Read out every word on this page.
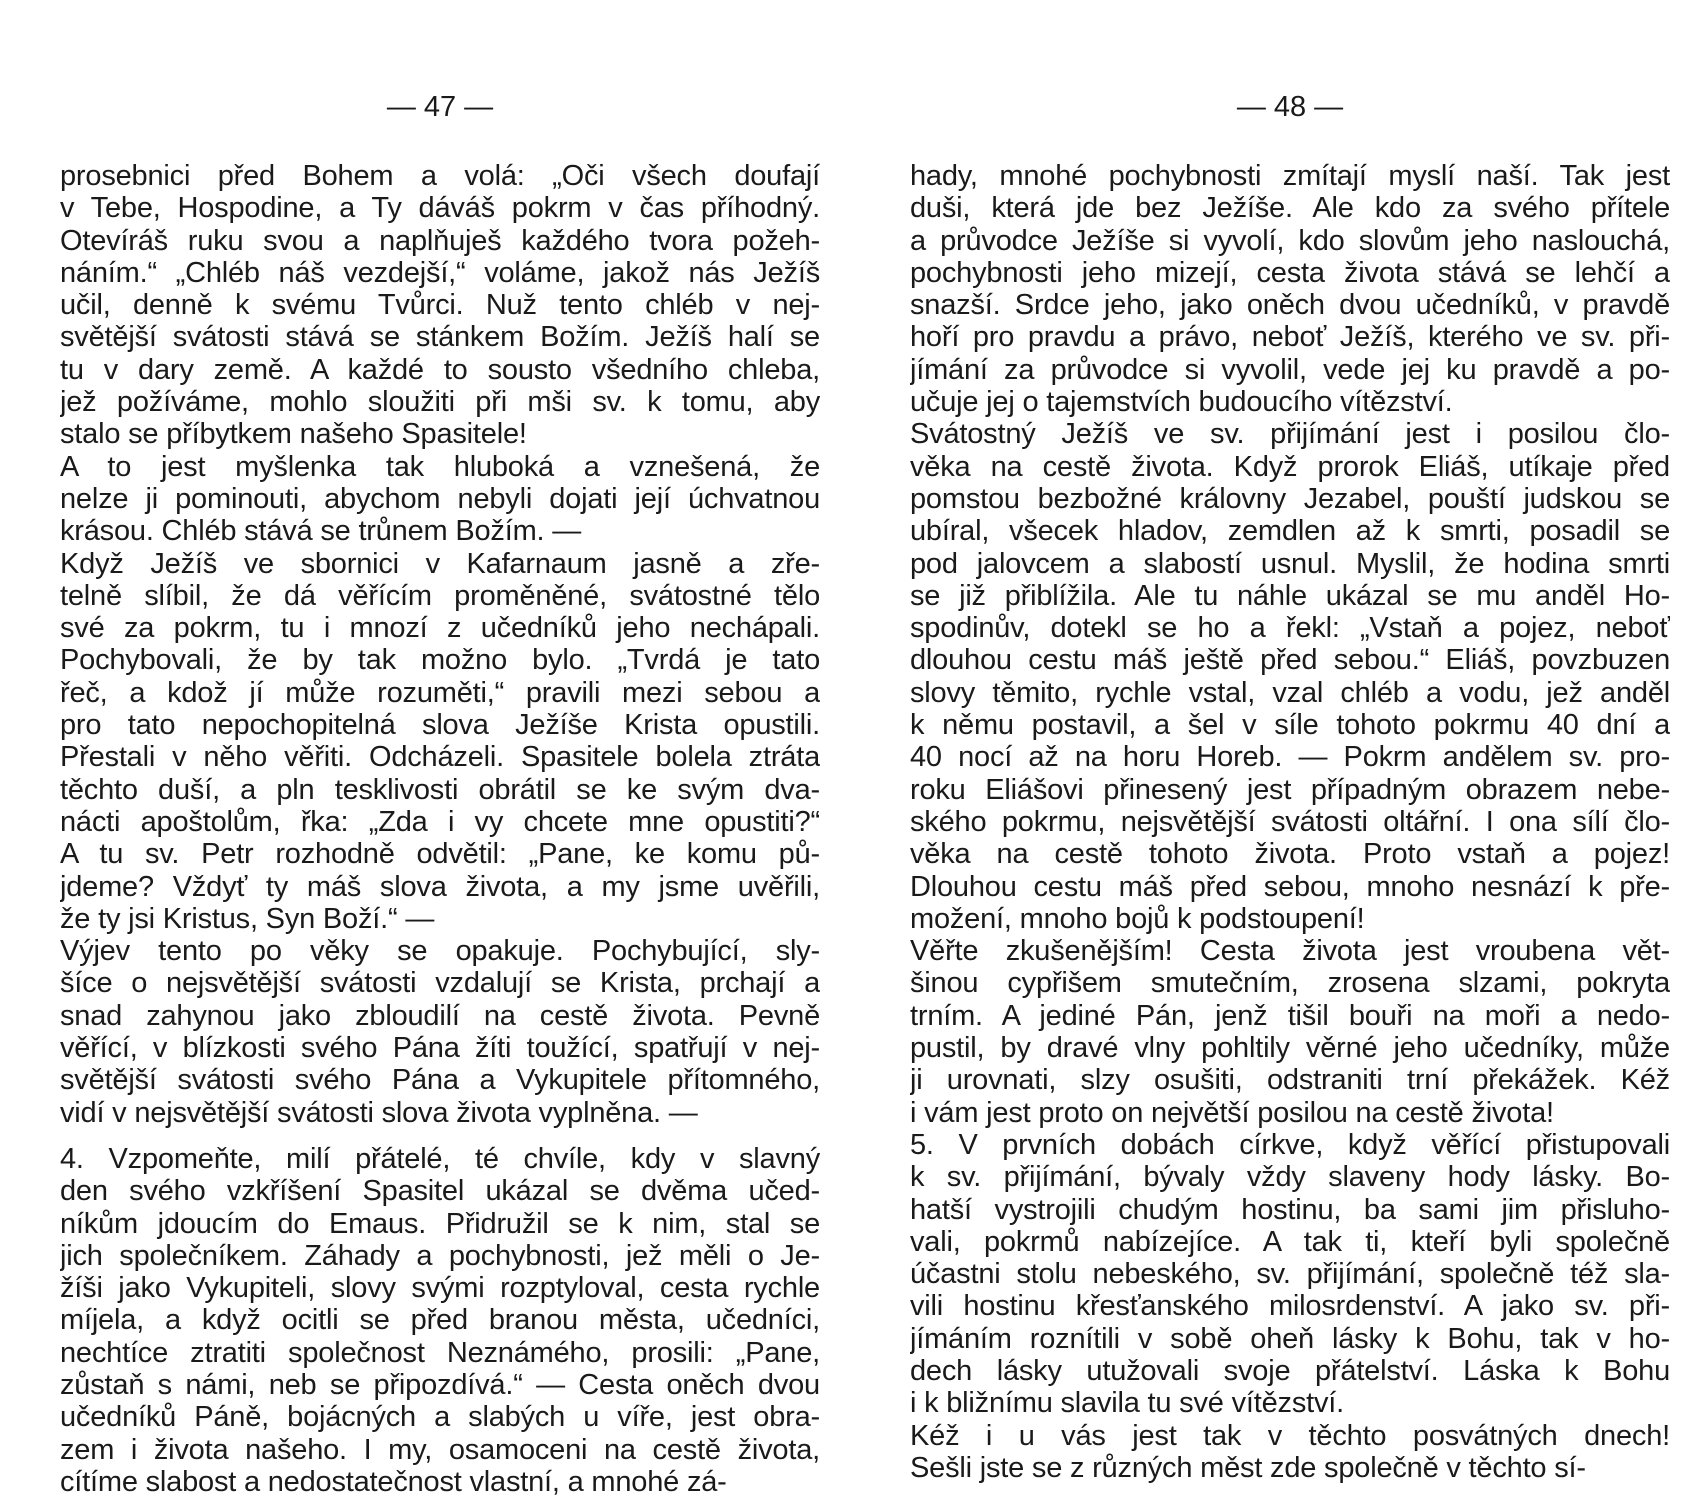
— 47 —

prosebnici před Bohem a volá: „Oči všech doufají

v Tebe, Hospodine, a Ty dáváš pokrm v čas příhodný.

Otevíráš ruku svou a naplňuješ každého tvora požeh-

náním.“ „Chléb náš vezdejší,“ voláme, jakož nás Ježíš

učil, denně k svému Tvůrci. Nuž tento chléb v nej-

světější svátosti stává se stánkem Božím. Ježíš halí se

tu v dary země. A každé to sousto všedního chleba,

jež požíváme, mohlo sloužiti při mši sv. k tomu, aby

stalo se příbytkem našeho Spasitele!

A to jest myšlenka tak hluboká a vznešená, že

nelze ji pominouti, abychom nebyli dojati její úchvatnou

krásou. Chléb stává se trůnem Božím. —

Když Ježíš ve sbornici v Kafarnaum jasně a zře-

telně slíbil, že dá věřícím proměněné, svátostné tělo

své za pokrm, tu i mnozí z učedníků jeho nechápali.

Pochybovali, že by tak možno bylo. „Tvrdá je tato

řeč, a kdož jí může rozuměti,“ pravili mezi sebou a

pro tato nepochopitelná slova Ježíše Krista opustili.

Přestali v něho věřiti. Odcházeli. Spasitele bolela ztráta

těchto duší, a pln tesklivosti obrátil se ke svým dva-

nácti apoštolům, řka: „Zda i vy chcete mne opustiti?“

A tu sv. Petr rozhodně odvětil: „Pane, ke komu pů-

jdeme? Vždyť ty máš slova života, a my jsme uvěřili,

že ty jsi Kristus, Syn Boží.“ —

Výjev tento po věky se opakuje. Pochybující, sly-

šíce o nejsvětější svátosti vzdalují se Krista, prchají a

snad zahynou jako zbloudilí na cestě života. Pevně

věřící, v blízkosti svého Pána žíti toužící, spatřují v nej-

světější svátosti svého Pána a Vykupitele přítomného,

vidí v nejsvětější svátosti slova života vyplněna. —

4. Vzpomeňte, milí přátelé, té chvíle, kdy v slavný

den svého vzkříšení Spasitel ukázal se dvěma učed-

níkům jdoucím do Emaus. Přidružil se k nim, stal se

jich společníkem. Záhady a pochybnosti, jež měli o Je-

žíši jako Vykupiteli, slovy svými rozptyloval, cesta rychle

míjela, a když ocitli se před branou města, učedníci,

nechtíce ztratiti společnost Neznámého, prosili: „Pane,

zůstaň s námi, neb se připozdívá.“ — Cesta oněch dvou

učedníků Páně, bojácných a slabých u víře, jest obra-

zem i života našeho. I my, osamoceni na cestě života,

cítíme slabost a nedostatečnost vlastní, a mnohé zá-

— 48 —

hady, mnohé pochybnosti zmítají myslí naší. Tak jest

duši, která jde bez Ježíše. Ale kdo za svého přítele

a průvodce Ježíše si vyvolí, kdo slovům jeho naslouchá,

pochybnosti jeho mizejí, cesta života stává se lehčí a

snazší. Srdce jeho, jako oněch dvou učedníků, v pravdě

hoří pro pravdu a právo, neboť Ježíš, kterého ve sv. při-

jímání za průvodce si vyvolil, vede jej ku pravdě a po-

učuje jej o tajemstvích budoucího vítězství.

Svátostný Ježíš ve sv. přijímání jest i posilou člo-

věka na cestě života. Když prorok Eliáš, utíkaje před

pomstou bezbožné královny Jezabel, pouští judskou se

ubíral, všecek hladov, zemdlen až k smrti, posadil se

pod jalovcem a slabostí usnul. Myslil, že hodina smrti

se již přiblížila. Ale tu náhle ukázal se mu anděl Ho-

spodinův, dotekl se ho a řekl: „Vstaň a pojez, neboť

dlouhou cestu máš ještě před sebou.“ Eliáš, povzbuzen

slovy těmito, rychle vstal, vzal chléb a vodu, jež anděl

k němu postavil, a šel v síle tohoto pokrmu 40 dní a

40 nocí až na horu Horeb. — Pokrm andělem sv. pro-

roku Eliášovi přinesený jest případným obrazem nebe-

ského pokrmu, nejsvětější svátosti oltářní. I ona sílí člo-

věka na cestě tohoto života. Proto vstaň a pojez!

Dlouhou cestu máš před sebou, mnoho nesnází k pře-

možení, mnoho bojů k podstoupení!

Věřte zkušenějším! Cesta života jest vroubena vět-

šinou cypřišem smutečním, zrosena slzami, pokryta

trním. A jediné Pán, jenž tišil bouři na moři a nedo-

pustil, by dravé vlny pohltily věrné jeho učedníky, může

ji urovnati, slzy osušiti, odstraniti trní překážek. Kéž

i vám jest proto on největší posilou na cestě života!

5. V prvních dobách církve, když věřící přistupovali

k sv. přijímání, bývaly vždy slaveny hody lásky. Bo-

hatší vystrojili chudým hostinu, ba sami jim přisluho-

vali, pokrmů nabízejíce. A tak ti, kteří byli společně

účastni stolu nebeského, sv. přijímání, společně též sla-

vili hostinu křesťanského milosrdenství. A jako sv. při-

jímáním roznítili v sobě oheň lásky k Bohu, tak v ho-

dech lásky utužovali svoje přátelství. Láska k Bohu

i k bližnímu slavila tu své vítězství.

Kéž i u vás jest tak v těchto posvátných dnech!

Sešli jste se z různých měst zde společně v těchto sí-
